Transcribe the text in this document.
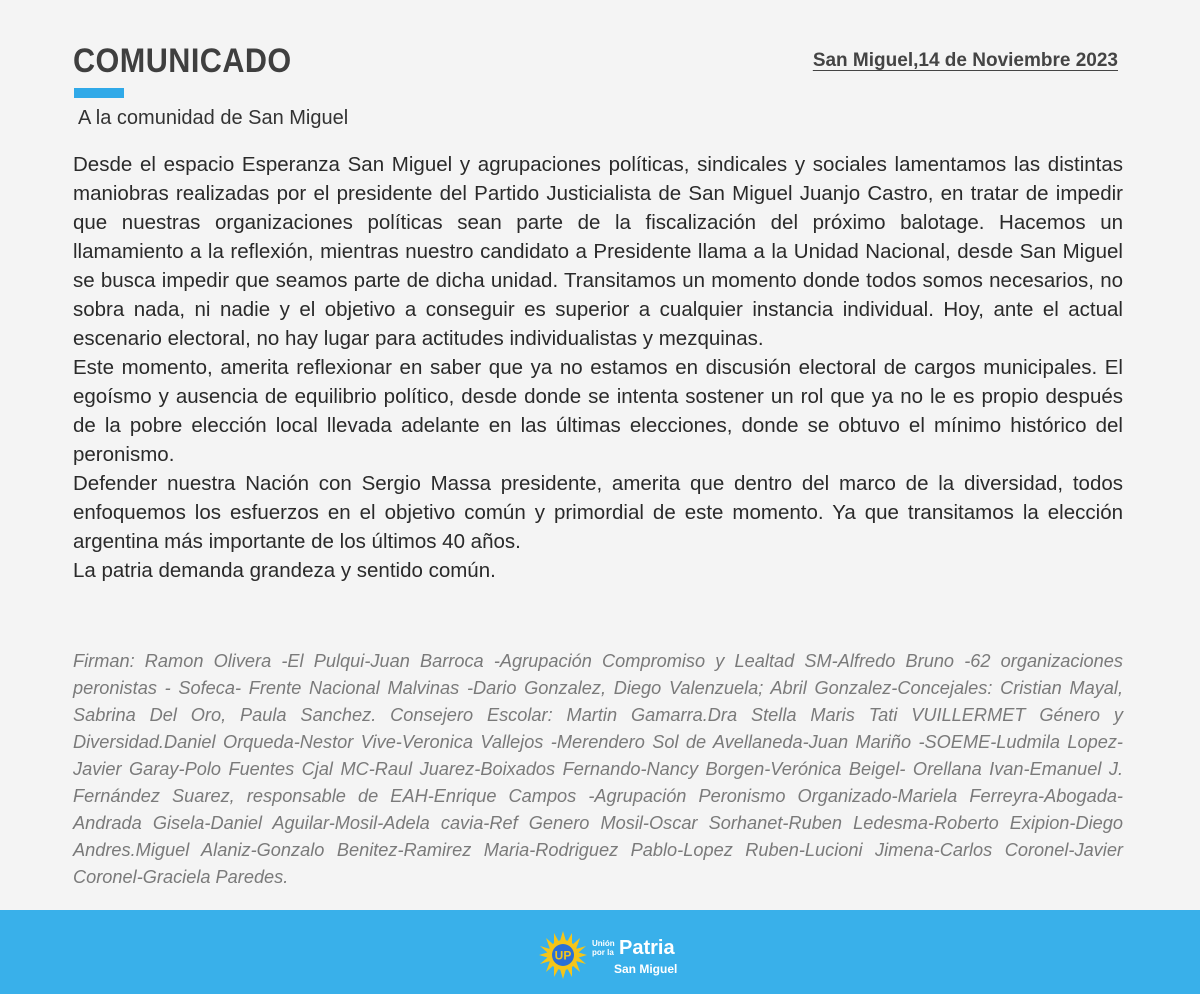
COMUNICADO	San Miguel,14 de Noviembre 2023

A la comunidad de San Miguel

Desde el espacio Esperanza San Miguel y agrupaciones políticas, sindicales y sociales lamentamos las distintas maniobras realizadas por el presidente del Partido Justicialista de San Miguel Juanjo Castro, en tratar de impedir que nuestras organizaciones políticas sean parte de la fiscalización del próximo balotage. Hacemos un llamamiento a la reflexión, mientras nuestro candidato a Presidente llama a la Unidad Nacional, desde San Miguel se busca impedir que seamos parte de dicha unidad. Transitamos un momento donde todos somos necesarios, no sobra nada, ni nadie y el objetivo a conseguir es superior a cualquier instancia individual. Hoy, ante el actual escenario electoral, no hay lugar para actitudes individualistas y mezquinas.

Este momento, amerita reflexionar en saber que ya no estamos en discusión electoral de cargos municipales. El egoísmo y ausencia de equilibrio político, desde donde se intenta sostener un rol que ya no le es propio después de la pobre elección local llevada adelante en las últimas elecciones, donde se obtuvo el mínimo histórico del peronismo.

Defender nuestra Nación con Sergio Massa presidente, amerita que dentro del marco de la diversidad, todos enfoquemos los esfuerzos en el objetivo común y primordial de este momento. Ya que transitamos la elección argentina más importante de los últimos 40 años.

La patria demanda grandeza y sentido común.

Firman: Ramon Olivera -El Pulqui-Juan Barroca -Agrupación Compromiso y Lealtad SM-Alfredo Bruno -62 organizaciones peronistas - Sofeca- Frente Nacional Malvinas -Dario Gonzalez, Diego Valenzuela; Abril Gonzalez-Concejales: Cristian Mayal, Sabrina Del Oro, Paula Sanchez. Consejero Escolar: Martin Gamarra.Dra Stella Maris Tati VUILLERMET Género y Diversidad.Daniel Orqueda-Nestor Vive-Veronica Vallejos -Merendero Sol de Avellaneda-Juan Mariño -SOEME-Ludmila Lopez-Javier Garay-Polo Fuentes Cjal MC-Raul Juarez-Boixados Fernando-Nancy Borgen-Verónica Beigel- Orellana Ivan-Emanuel J. Fernández Suarez, responsable de EAH-Enrique Campos -Agrupación Peronismo Organizado-Mariela Ferreyra-Abogada-Andrada Gisela-Daniel Aguilar-Mosil-Adela cavia-Ref Genero Mosil-Oscar Sorhanet-Ruben Ledesma-Roberto Exipion-Diego Andres.Miguel Alaniz-Gonzalo Benitez-Ramirez Maria-Rodriguez Pablo-Lopez Ruben-Lucioni Jimena-Carlos Coronel-Javier Coronel-Graciela Paredes.

UP
Unión
por la Patria
San Miguel
